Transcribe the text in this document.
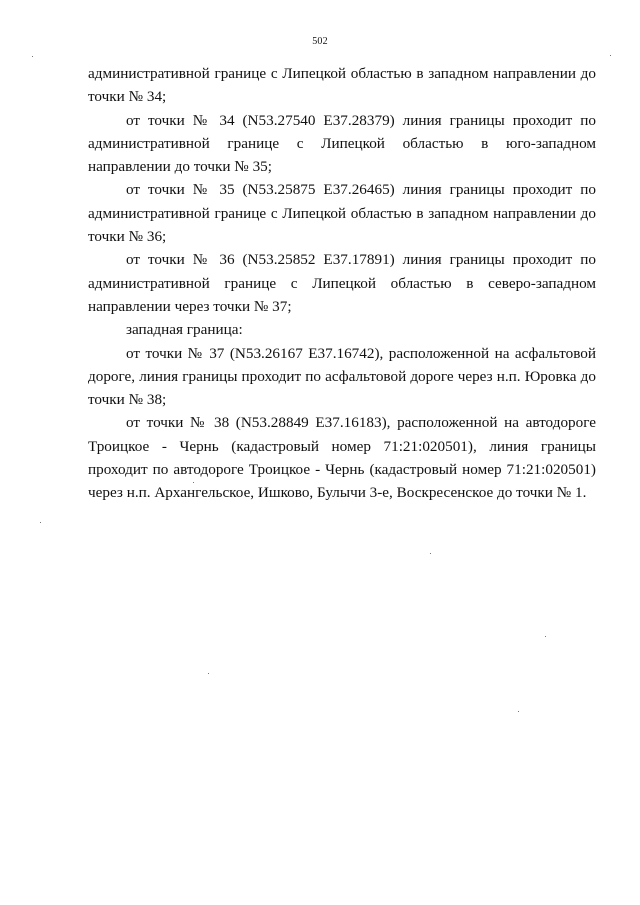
502

административной границе с Липецкой областью в западном направлении до точки № 34;

от точки № 34 (N53.27540 E37.28379) линия границы проходит по административной границе с Липецкой областью в юго-западном направлении до точки № 35;

от точки № 35 (N53.25875 E37.26465) линия границы проходит по административной границе с Липецкой областью в западном направлении до точки № 36;

от точки № 36 (N53.25852 E37.17891) линия границы проходит по административной границе с Липецкой областью в северо-западном направлении через точки № 37;

западная граница:

от точки № 37 (N53.26167 E37.16742), расположенной на асфальтовой дороге, линия границы проходит по асфальтовой дороге через н.п. Юровка до точки № 38;

от точки № 38 (N53.28849 E37.16183), расположенной на автодороге Троицкое - Чернь (кадастровый номер 71:21:020501), линия границы проходит по автодороге Троицкое - Чернь (кадастровый номер 71:21:020501) через н.п. Архангельское, Ишково, Булычи 3-е, Воскресенское до точки № 1.
